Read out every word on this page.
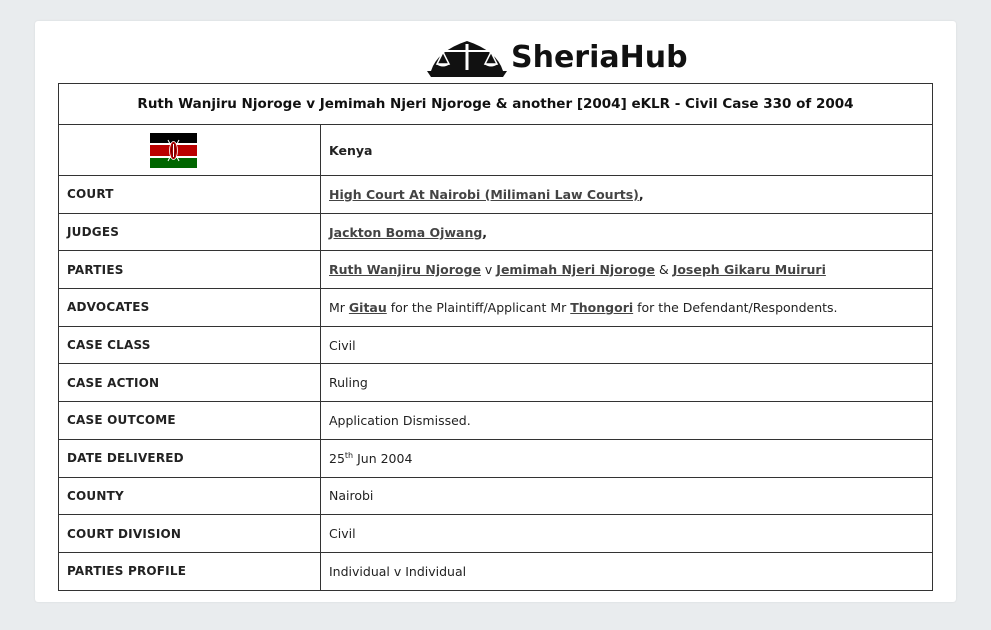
SheriaHub
Ruth Wanjiru Njoroge v Jemimah Njeri Njoroge & another [2004] eKLR - Civil Case 330 of 2004	
	Kenya
COURT	High Court At Nairobi (Milimani Law Courts),
JUDGES	Jackton Boma Ojwang,
PARTIES	Ruth Wanjiru Njoroge v Jemimah Njeri Njoroge & Joseph Gikaru Muiruri
ADVOCATES	Mr Gitau for the Plaintiff/Applicant Mr Thongori for the Defendant/Respondents.
CASE CLASS	Civil
CASE ACTION	Ruling
CASE OUTCOME	Application Dismissed.
DATE DELIVERED	25th Jun 2004
COUNTY	Nairobi
COURT DIVISION	Civil
PARTIES PROFILE	Individual v Individual
